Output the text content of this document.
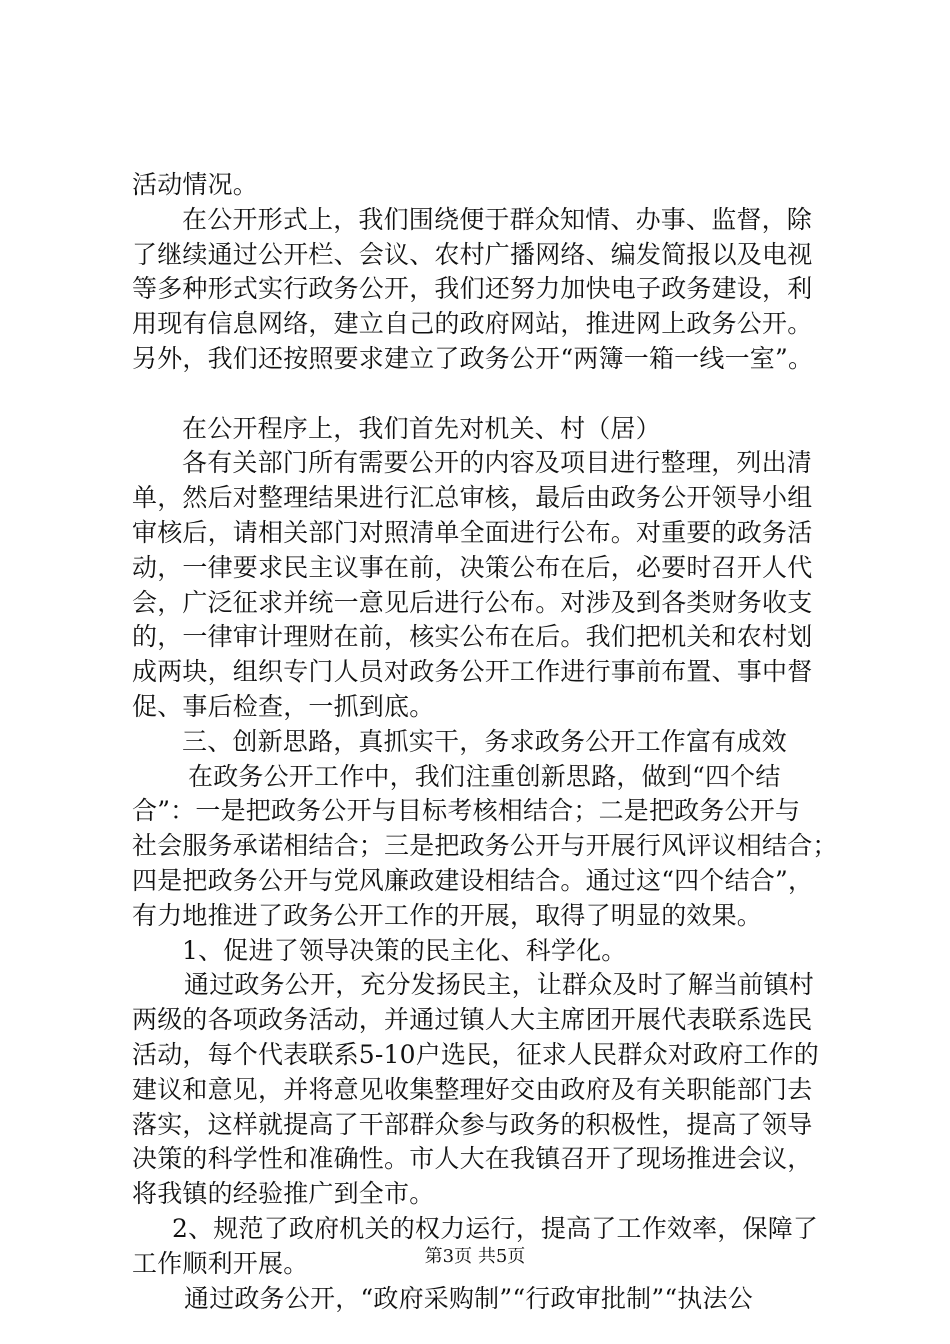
活动情况。
在公开形式上，我们围绕便于群众知情、办事、监督，除
了继续通过公开栏、会议、农村广播网络、编发简报以及电视
等多种形式实行政务公开，我们还努力加快电子政务建设，利
用现有信息网络，建立自己的政府网站，推进网上政务公开。
另外，我们还按照要求建立了政务公开“两簿一箱一线一室”。
在公开程序上，我们首先对机关、村（居）
各有关部门所有需要公开的内容及项目进行整理，列出清
单，然后对整理结果进行汇总审核，最后由政务公开领导小组
审核后，请相关部门对照清单全面进行公布。对重要的政务活
动，一律要求民主议事在前，决策公布在后，必要时召开人代
会，广泛征求并统一意见后进行公布。对涉及到各类财务收支
的，一律审计理财在前，核实公布在后。我们把机关和农村划
成两块，组织专门人员对政务公开工作进行事前布置、事中督
促、事后检查，一抓到底。
三、创新思路，真抓实干，务求政务公开工作富有成效
在政务公开工作中，我们注重创新思路，做到“四个结
合”：一是把政务公开与目标考核相结合；二是把政务公开与
社会服务承诺相结合；三是把政务公开与开展行风评议相结合；
四是把政务公开与党风廉政建设相结合。通过这“四个结合”，
有力地推进了政务公开工作的开展，取得了明显的效果。
1、促进了领导决策的民主化、科学化。
通过政务公开，充分发扬民主，让群众及时了解当前镇村
两级的各项政务活动，并通过镇人大主席团开展代表联系选民
活动，每个代表联系5-10户选民，征求人民群众对政府工作的
建议和意见，并将意见收集整理好交由政府及有关职能部门去
落实，这样就提高了干部群众参与政务的积极性，提高了领导
决策的科学性和准确性。市人大在我镇召开了现场推进会议，
将我镇的经验推广到全市。
2、规范了政府机关的权力运行，提高了工作效率，保障了
工作顺利开展。
通过政务公开，“政府采购制”“行政审批制”“执法公
第3页 共5页
